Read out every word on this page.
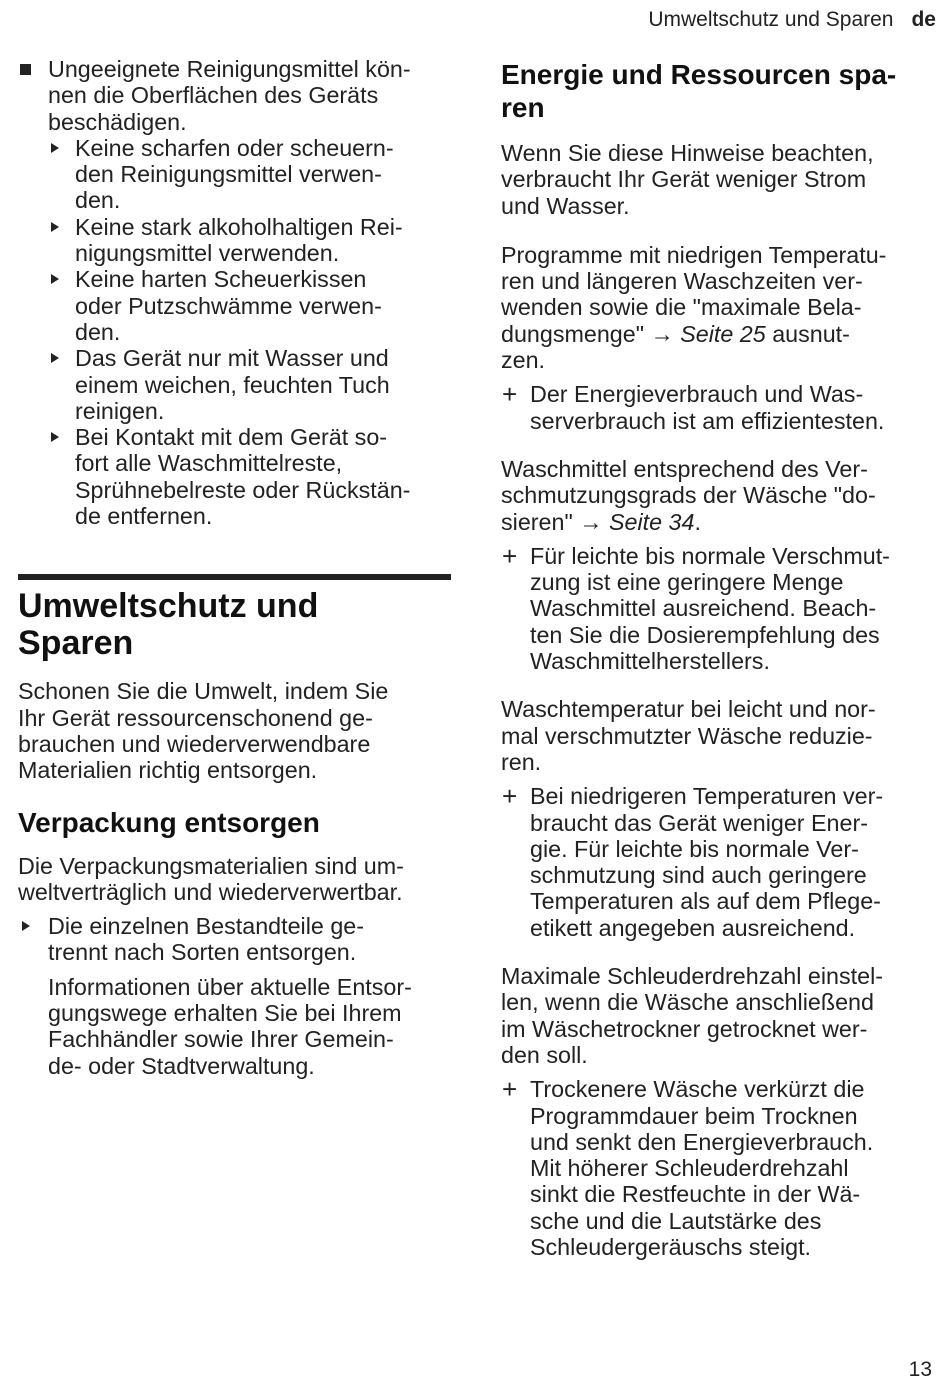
Umweltschutz und Sparen de

Ungeeignete Reinigungsmittel kön-
nen die Oberflächen des Geräts
beschädigen.

Keine scharfen oder scheuern-
den Reinigungsmittel verwen-
den.

Keine stark alkoholhaltigen Rei-
nigungsmittel verwenden.

Keine harten Scheuerkissen
oder Putzschwämme verwen-
den.

Das Gerät nur mit Wasser und
einem weichen, feuchten Tuch
reinigen.

Bei Kontakt mit dem Gerät so-
fort alle Waschmittelreste,
Sprühnebelreste oder Rückstän-
de entfernen.

Umweltschutz und
Sparen

Schonen Sie die Umwelt, indem Sie
Ihr Gerät ressourcenschonend ge-
brauchen und wiederverwendbare
Materialien richtig entsorgen.

Verpackung entsorgen

Die Verpackungsmaterialien sind um-
weltverträglich und wiederverwertbar.

Die einzelnen Bestandteile ge-
trennt nach Sorten entsorgen.

Informationen über aktuelle Entsor-
gungswege erhalten Sie bei Ihrem
Fachhändler sowie Ihrer Gemein-
de- oder Stadtverwaltung.

Energie und Ressourcen spa-
ren

Wenn Sie diese Hinweise beachten,
verbraucht Ihr Gerät weniger Strom
und Wasser.

Programme mit niedrigen Temperatu-
ren und längeren Waschzeiten ver-
wenden sowie die "maximale Bela-
dungsmenge" → Seite 25 ausnut-
zen.

+ Der Energieverbrauch und Was-
serverbrauch ist am effizientesten.

Waschmittel entsprechend des Ver-
schmutzungsgrads der Wäsche "do-
sieren" → Seite 34.

+ Für leichte bis normale Verschmut-
zung ist eine geringere Menge
Waschmittel ausreichend. Beach-
ten Sie die Dosierempfehlung des
Waschmittelherstellers.

Waschtemperatur bei leicht und nor-
mal verschmutzter Wäsche reduzie-
ren.

+ Bei niedrigeren Temperaturen ver-
braucht das Gerät weniger Ener-
gie. Für leichte bis normale Ver-
schmutzung sind auch geringere
Temperaturen als auf dem Pflege-
etikett angegeben ausreichend.

Maximale Schleuderdrehzahl einstel-
len, wenn die Wäsche anschließend
im Wäschetrockner getrocknet wer-
den soll.

+ Trockenere Wäsche verkürzt die
Programmdauer beim Trocknen
und senkt den Energieverbrauch.
Mit höherer Schleuderdrehzahl
sinkt die Restfeuchte in der Wä-
sche und die Lautstärke des
Schleudergeräuschs steigt.

13
